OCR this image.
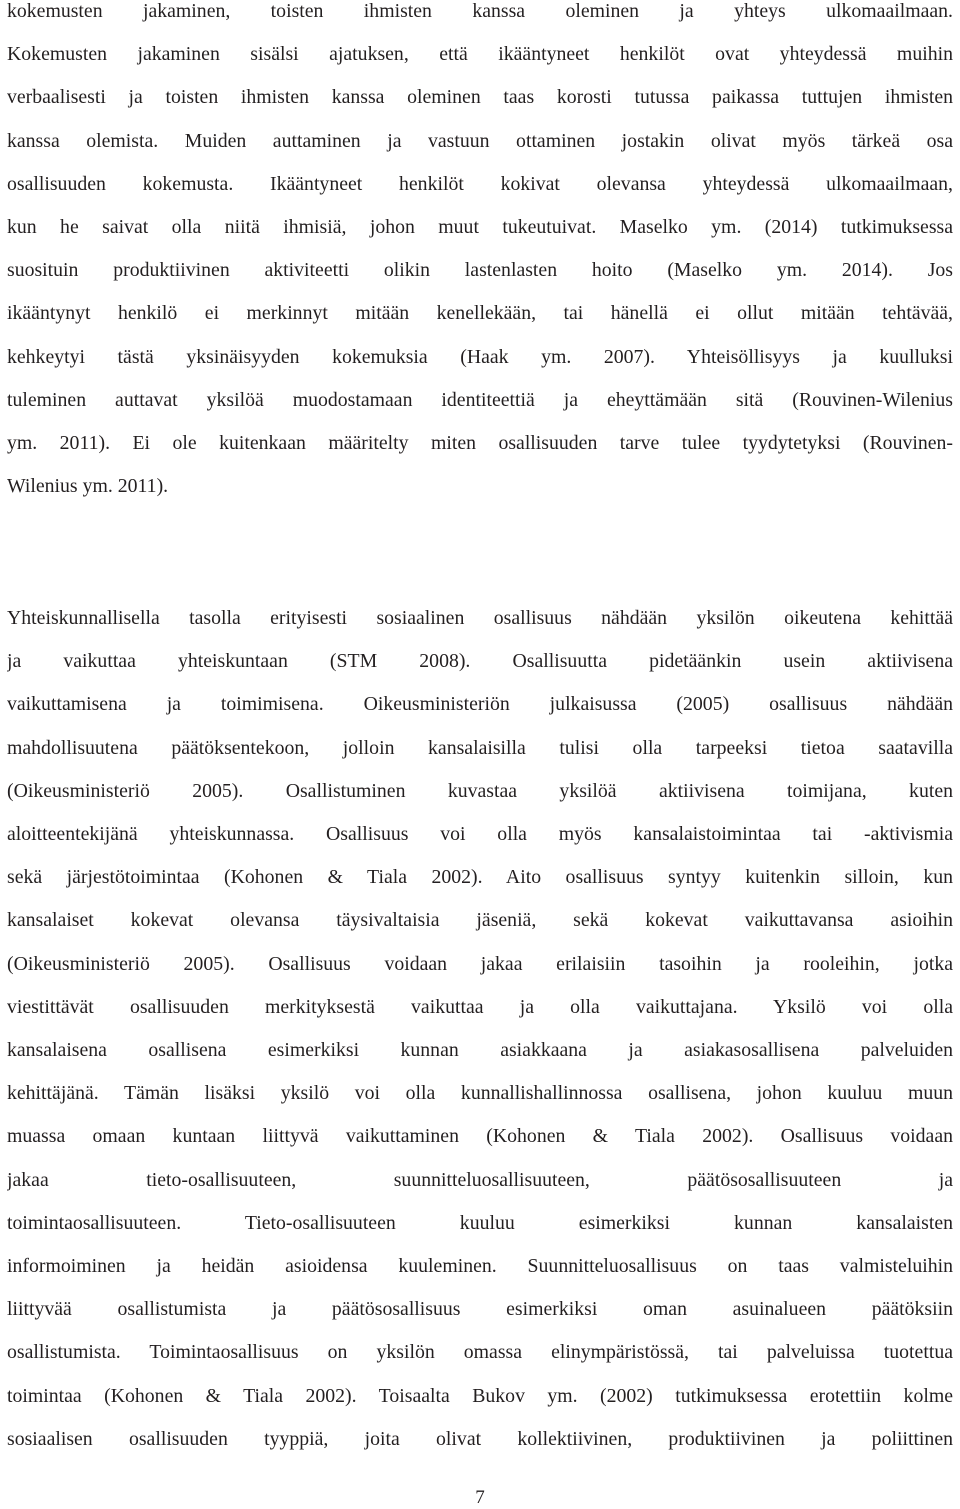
kokemusten jakaminen, toisten ihmisten kanssa oleminen ja yhteys ulkomaailmaan.
Kokemusten jakaminen sisälsi ajatuksen, että ikääntyneet henkilöt ovat yhteydessä muihin
verbaalisesti ja toisten ihmisten kanssa oleminen taas korosti tutussa paikassa tuttujen ihmisten
kanssa olemista. Muiden auttaminen ja vastuun ottaminen jostakin olivat myös tärkeä osa
osallisuuden kokemusta. Ikääntyneet henkilöt kokivat olevansa yhteydessä ulkomaailmaan,
kun he saivat olla niitä ihmisiä, johon muut tukeutuivat. Maselko ym. (2014) tutkimuksessa
suosituin produktiivinen aktiviteetti olikin lastenlasten hoito (Maselko ym. 2014). Jos
ikääntynyt henkilö ei merkinnyt mitään kenellekään, tai hänellä ei ollut mitään tehtävää,
kehkeytyi tästä yksinäisyyden kokemuksia (Haak ym. 2007). Yhteisöllisyys ja kuulluksi
tuleminen auttavat yksilöä muodostamaan identiteettiä ja eheyttämään sitä (Rouvinen-Wilenius
ym. 2011). Ei ole kuitenkaan määritelty miten osallisuuden tarve tulee tyydytetyksi (Rouvinen-
Wilenius ym. 2011).
Yhteiskunnallisella tasolla erityisesti sosiaalinen osallisuus nähdään yksilön oikeutena kehittää
ja vaikuttaa yhteiskuntaan (STM 2008). Osallisuutta pidetäänkin usein aktiivisena
vaikuttamisena ja toimimisena. Oikeusministeriön julkaisussa (2005) osallisuus nähdään
mahdollisuutena päätöksentekoon, jolloin kansalaisilla tulisi olla tarpeeksi tietoa saatavilla
(Oikeusministeriö 2005). Osallistuminen kuvastaa yksilöä aktiivisena toimijana, kuten
aloitteentekijänä yhteiskunnassa. Osallisuus voi olla myös kansalaistoimintaa tai -aktivismia
sekä järjestötoimintaa (Kohonen & Tiala 2002). Aito osallisuus syntyy kuitenkin silloin, kun
kansalaiset kokevat olevansa täysivaltaisia jäseniä, sekä kokevat vaikuttavansa asioihin
(Oikeusministeriö 2005). Osallisuus voidaan jakaa erilaisiin tasoihin ja rooleihin, jotka
viestittävät osallisuuden merkityksestä vaikuttaa ja olla vaikuttajana. Yksilö voi olla
kansalaisena osallisena esimerkiksi kunnan asiakkaana ja asiakasosallisena palveluiden
kehittäjänä. Tämän lisäksi yksilö voi olla kunnallishallinnossa osallisena, johon kuuluu muun
muassa omaan kuntaan liittyvä vaikuttaminen (Kohonen & Tiala 2002). Osallisuus voidaan
jakaa tieto-osallisuuteen, suunnitteluosallisuuteen, päätösosallisuuteen ja
toimintaosallisuuteen. Tieto-osallisuuteen kuuluu esimerkiksi kunnan kansalaisten
informoiminen ja heidän asioidensa kuuleminen. Suunnitteluosallisuus on taas valmisteluihin
liittyvää osallistumista ja päätösosallisuus esimerkiksi oman asuinalueen päätöksiin
osallistumista. Toimintaosallisuus on yksilön omassa elinympäristössä, tai palveluissa tuotettua
toimintaa (Kohonen & Tiala 2002). Toisaalta Bukov ym. (2002) tutkimuksessa erotettiin kolme
sosiaalisen osallisuuden tyyppiä, joita olivat kollektiivinen, produktiivinen ja poliittinen
7
